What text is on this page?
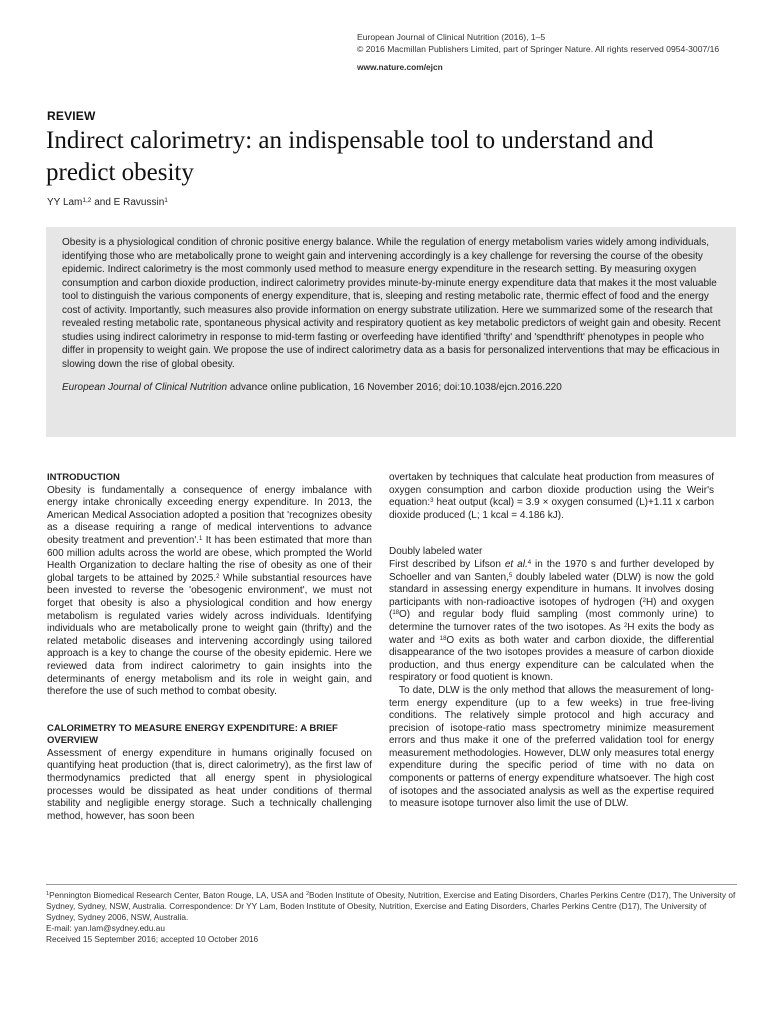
European Journal of Clinical Nutrition (2016), 1–5
© 2016 Macmillan Publishers Limited, part of Springer Nature. All rights reserved 0954-3007/16
www.nature.com/ejcn
REVIEW
Indirect calorimetry: an indispensable tool to understand and predict obesity
YY Lam$^{1,2}$ and E Ravussin$^1$

Obesity is a physiological condition of chronic positive energy balance. While the regulation of energy metabolism varies widely among individuals, identifying those who are metabolically prone to weight gain and intervening accordingly is a key challenge for reversing the course of the obesity epidemic. Indirect calorimetry is the most commonly used method to measure energy expenditure in the research setting. By measuring oxygen consumption and carbon dioxide production, indirect calorimetry provides minute-by-minute energy expenditure data that makes it the most valuable tool to distinguish the various components of energy expenditure, that is, sleeping and resting metabolic rate, thermic effect of food and the energy cost of activity. Importantly, such measures also provide information on energy substrate utilization. Here we summarized some of the research that revealed resting metabolic rate, spontaneous physical activity and respiratory quotient as key metabolic predictors of weight gain and obesity. Recent studies using indirect calorimetry in response to mid-term fasting or overfeeding have identified 'thrifty' and 'spendthrift' phenotypes in people who differ in propensity to weight gain. We propose the use of indirect calorimetry data as a basis for personalized interventions that may be efficacious in slowing down the rise of global obesity.

European Journal of Clinical Nutrition advance online publication, 16 November 2016; doi:10.1038/ejcn.2016.220

INTRODUCTION

Obesity is fundamentally a consequence of energy imbalance with energy intake chronically exceeding energy expenditure. In 2013, the American Medical Association adopted a position that 'recognizes obesity as a disease requiring a range of medical interventions to advance obesity treatment and prevention'.$^1$ It has been estimated that more than 600 million adults across the world are obese, which prompted the World Health Organization to declare halting the rise of obesity as one of their global targets to be attained by 2025.$^2$ While substantial resources have been invested to reverse the 'obesogenic environment', we must not forget that obesity is also a physiological condition and how energy metabolism is regulated varies widely across individuals. Identifying individuals who are metabolically prone to weight gain (thrifty) and the related metabolic diseases and intervening accordingly using tailored approach is a key to change the course of the obesity epidemic. Here we reviewed data from indirect calorimetry to gain insights into the determinants of energy metabolism and its role in weight gain, and therefore the use of such method to combat obesity.

CALORIMETRY TO MEASURE ENERGY EXPENDITURE: A BRIEF OVERVIEW

Assessment of energy expenditure in humans originally focused on quantifying heat production (that is, direct calorimetry), as the first law of thermodynamics predicted that all energy spent in physiological processes would be dissipated as heat under conditions of thermal stability and negligible energy storage. Such a technically challenging method, however, has soon been

overtaken by techniques that calculate heat production from measures of oxygen consumption and carbon dioxide production using the Weir's equation:$^3$ heat output (kcal) = 3.9 × oxygen consumed (L)+1.11 x carbon dioxide produced (L; 1 kcal = 4.186 kJ).

Doubly labeled water

First described by Lifson et al.$^4$ in the 1970 s and further developed by Schoeller and van Santen,$^5$ doubly labeled water (DLW) is now the gold standard in assessing energy expenditure in humans. It involves dosing participants with non-radioactive isotopes of hydrogen ($^2$H) and oxygen ($^{18}$O) and regular body fluid sampling (most commonly urine) to determine the turnover rates of the two isotopes. As $^2$H exits the body as water and $^{18}$O exits as both water and carbon dioxide, the differential disappearance of the two isotopes provides a measure of carbon dioxide production, and thus energy expenditure can be calculated when the respiratory or food quotient is known.

To date, DLW is the only method that allows the measurement of long-term energy expenditure (up to a few weeks) in true free-living conditions. The relatively simple protocol and high accuracy and precision of isotope-ratio mass spectrometry minimize measurement errors and thus make it one of the preferred validation tool for energy measurement methodologies. However, DLW only measures total energy expenditure during the specific period of time with no data on components or patterns of energy expenditure whatsoever. The high cost of isotopes and the associated analysis as well as the expertise required to measure isotope turnover also limit the use of DLW.

$^1$Pennington Biomedical Research Center, Baton Rouge, LA, USA and $^2$Boden Institute of Obesity, Nutrition, Exercise and Eating Disorders, Charles Perkins Centre (D17), The University of Sydney, Sydney, NSW, Australia. Correspondence: Dr YY Lam, Boden Institute of Obesity, Nutrition, Exercise and Eating Disorders, Charles Perkins Centre (D17), The University of Sydney, Sydney 2006, NSW, Australia.
E-mail: yan.lam@sydney.edu.au
Received 15 September 2016; accepted 10 October 2016
